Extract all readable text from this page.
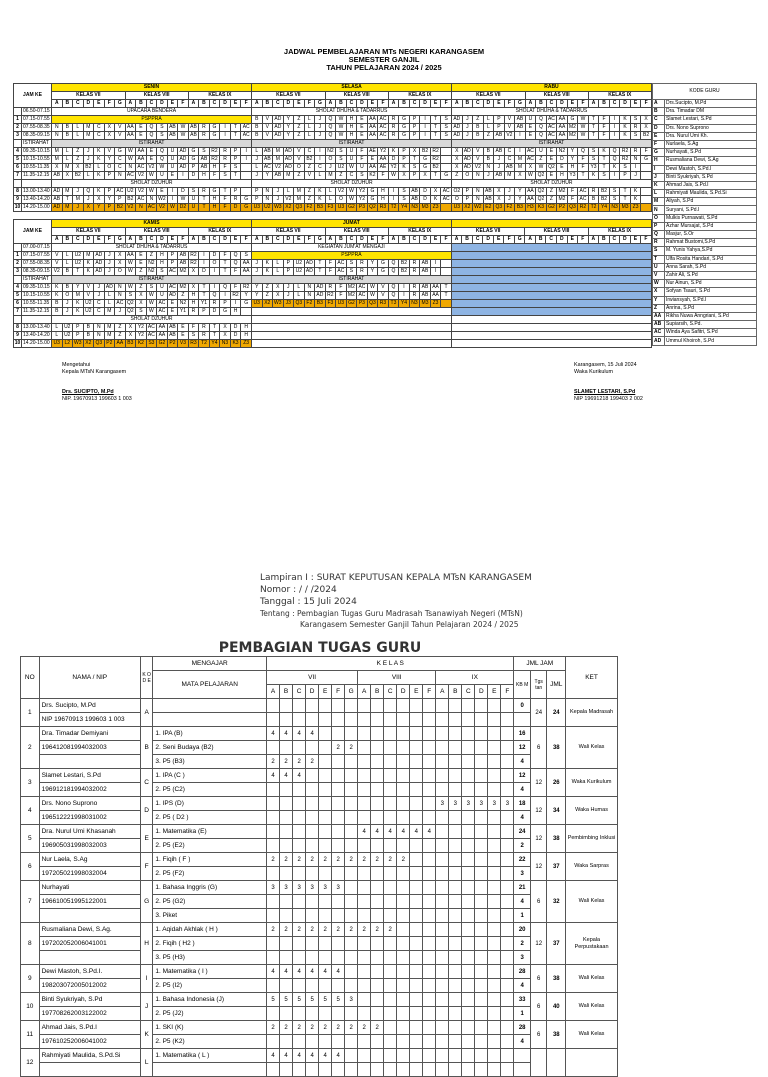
JADWAL PEMBELAJARAN MTs NEGERI KARANGASEM
SEMESTER GANJIL
TAHUN PELAJARAN 2024 / 2025
JAM KE		SENIN																			SELASA																			RABU																		
		KELAS VII							KELAS VIII						KELAS IX						KELAS VII							KELAS VIII						KELAS IX						KELAS VII							KELAS VIII						KELAS IX					
		A	B	C	D	E	F	G	A	B	C	D	E	F	A	B	C	D	E	F	A	B	C	D	E	F	G	A	B	C	D	E	F	A	B	C	D	E	F	A	B	C	D	E	F	G	A	B	C	D	E	F	A	B	C	D	E	F
	06.50-07.15	UPACARA BENDERA																			SHOLAT DHUHA & TADARRUS																			SHOLAT DHUHA & TADARRUS																		
1	07.15-07.55	PSPPRA																			B	V	AD	Y	Z	L	J	Q	W	H	E	AA	AC	R	G	P	I	T	S	AD	J	Z	L	P	V	AB	U	Q	AC	AA	G	W	T	F	I	K	S	X
2	07.55-08.35	N	B	L	M	C	X	V	AA	E	Q	S	AB	W	AB	R	G	I	T	AC	B	V	AD	Y	Z	L	J	Q	W	H	E	AA	AC	R	G	P	I	T	S	AD	J	B	L	P	V	AB	E	Q	AC	AA	M2	W	T	F	I	K	R	X
3	08.35-09.15	N	B	L	M	C	X	V	AA	E	Q	S	AB	W	AB	R	G	I	T	AC	B	V	AD	Y	Z	L	J	Q	W	H	E	AA	AC	R	G	P	I	T	S	AD	J	B	Z	AB	V2	I	E	Q	AC	AA	M2	W	T	F	I	K	S	B2
	ISTIRAHAT	ISTIRAHAT																			ISTIRAHAT																			ISTIRAHAT																		
4	09.35-10.15	M	L	Z	J	K	V	G	W	AA	E	Q	U	AD	G	S	R2	R	P	I	L	AB	M	AD	V	C	I	N2	S	U	F	AE	Y2	K	P	X	B2	R2		X	AD	V	B	AB	C	I	AC	U	E	N2	Y	Q	S	K	Q	R2	R	F
5	10.15-10.55	M	L	Z	J	K	Y	C	W	AA	E	Q	U	AD	G	AB	R2	R	P	I	J	AB	M	AD	V	B2	I	O	S	U	F	E	AA	D	P	T	G	R2		X	AD	V	B	J	C	M	AC	Z	E	D	Y	F	S	T	Q	R2	N	G
6	10.55-11.35	X	M	X	B2	L	O	C	N	AC	V2	W	U	AD	P	AB	H	F	S		L	AC	V2	AD	O	Z	C	J	U2	W	U	AA	AE	Y2	K	S	G	B2		X	AD	V2	N	J	AB	M	X	W	Q2	E	H	F	Y3	T	K	S	I	
7	11.35-12.15	AB	X	B2	L	K	P	N	AC	V2	W	U	E	I	D	H	F	S	T		J	Y	AB	M	Z	V	L	M	Z	C	S	K2	F	W	X	P	X	T	G	Z	O	N	J	AB	M	X	W	Q2	E	H	Y3	T	K	S	I	P	J	
		SHOLAT DZUHUR																			SHOLAT DZUHUR																			SHOLAT DZUHUR																		
8	13.00-13.40	AD	M	J	Q	K	P	AC	U2	V2	W	E	I	D	S	R	G	T	P		P	N	J	L	M	Z	K	L	V2	W	Y2	G	H	I	S	AB	D	X	AC	O2	P	N	AB	X	J	Y	AA	Q2	Z	M2	F	AC	R	B2	S	T	K	
9	13.40-14.20	AB	T	M	J	X	Y	P	B2	AC	N	W2	I	W	U	T	H	F	R	G	P	N	J	V2	M	Z	K	L	O	W	Y2	G	H	I	S	AB	D	K	AC	O	P	N	AB	X	J	Y	AA	Q2	Z	M2	F	AC	B	B2	S	T	K	
10	14.20-15.00	AD	M	J	X	Y	P	B2	V2	N	AC	V2	W	D2	U	T	H	F	D	G	U3	U2	W3	X2	Q3	F2	B3	F3	U3	G2	P3	Q2	R3	T2	Y4	N3	M3	Z3		U3	X2	W2	E2	Q3	F2	B3	H3	K3	G2	P2	Q3	R2	T2	Y4	N3	M3	Z3	
JAM KE		KAMIS																			JUMAT																																					
		KELAS VII							KELAS VIII						KELAS IX						KELAS VII							KELAS VIII						KELAS IX						KELAS VII							KELAS VIII						KELAS IX					
		A	B	C	D	E	F	G	A	B	C	D	E	F	A	B	C	D	E	F	A	B	C	D	E	F	G	A	B	C	D	E	F	A	B	C	D	E	F	A	B	C	D	E	F	G	A	B	C	D	E	F	A	B	C	D	E	F
	07.00-07.15	SHOLAT DHUHA & TADARRUS																			KEGIATAN JUM'AT MENGAJI																																					
1	07.15-07.55	V	L	U2	M	AD	J	X	AA	E	Z	H	P	AB	R2	I	D	F	Q	S	PSPPRA																																					
2	07.55-08.35	V	L	U2	K	AD	J	X	W	E	N2	H	P	AB	R2	I	O	T	Q	AA	J	K	L	P	U2	AD	T	F	AC	S	R	Y	G	Q	B2	R	AB	I																				
3	08.35-09.15	V2	B	T	K	AD	J	O	W	Z	N2	S	AC	M2	X	D	I	T	F	AA	J	K	L	P	U2	AD	T	F	AC	S	R	Y	G	Q	B2	R	AB	I																				
	ISTIRAHAT	ISTIRAHAT																			ISTIRAHAT																																					
4	09.35-10.15	K	B	Y	V	J	AD	N	W	Z	S	U	AC	M2	X	T	I	Q	F	R2	Y	Z	X	J	L	N	AD	R	F	M2	AC	W	V	Q	I	R	AB	AA	T																			
5	10.15-10.55	K	O	M	V	J	L	N	S	X	W	U	AD	Z	H	T	Q	I	R2	Y	Y	Z	X	J	L	N	AD	R2	F	M2	AC	W	V	Q	I	R	AB	AA	T																			
6	10.55-11.35	B	J	K	U2	C	L	AC	Q2	X	W	AC	E	N2	H	Y1	R	P	I	G	U3	X2	W3	J3	Q3	F2	B3	F3	U3	G2	P3	Q3	R3	T3	Y4	N3	M3	Z3																				
7	11.35-12.15	B	J	K	U2	C	M	J	Q2	S	W	AC	E	Y1	R	P	D	G	H																																							
		SHOLAT DZUHUR																																																								
8	13.00-13.40	L	U2	P	B	N	M	Z	X	Y2	AC	AA	AB	E	F	R	T	X	D	H																																						
9	13.40-14.20	L	U2	P	B	N	M	Z	X	Y2	AC	AA	AB	E	S	R	T	X	D	H																																						
10	14.20-15.00	U3	L2	W3	X2	Q3	P2	AA	B3	K2	S3	G2	P2	V3	R3	T2	Y4	N3	K3	Z3																																						
KODE GURU	
A	Drs.Sucipto, M.Pd
B	Dra. Timadar DM
C	Slamet Lestari, S.Pd
D	Drs. Nono Suprono
E	Dra. Nurul Umi Kh.
F	Nurlaela, S.Ag
G	Nurhayati, S.Pd
H	Rusmaliana Dewi, S.Ag
I	Dewi Mastoh, S.Pd.I
J	Binti Syukriyah, S.Pd
K	Ahmad Jais, S.Pd.I
L	Rahmiyati Maulida, S.Pd.Si
M	Aliyah, S.Pd
N	Suryani, S.Pd.I
O	Mulkis Purnawati, S.Pd
P	Azhar Mursajat, S.Pd
Q	Masjur, S.Or
R	Rahmat Bustomi,S.Pd
S	M. Yunis Yahya,S.Pd
T	Ulfa Rosita Handari, S.Pd
U	Anna Sarah, S.Pd
V	Zahir Ali, S.Pd
W	Nur Ainun, S.Pd
X	Sofyan Tsauri, S.Pd
Y	Irwiansyah, S.Pd.I
Z	Anrina, S.Pd
AA	Rikha Nuwa Anngriani, S.Pd
AB	Supiarsih, S.Pd.
AC	Winda Aya Safitri, S.Pd
AD	Ummul Khoiroh, S.Pd
Mengetahui
Kepala MTsN Karangasem
Drs. SUCIPTO, M.Pd
NIP. 19670913 199603 1 003
Karangasem, 15 Juli 2024
Waka Kurikulum
SLAMET LESTARI, S.Pd
NIP 19691218 199403 2 002
Lampiran I : SURAT KEPUTUSAN KEPALA MTsN KARANGASEM
Nomor : / / /2024
Tanggal : 15 Juli 2024
Tentang : Pembagian Tugas Guru Madrasah Tsanawiyah Negeri (MTsN)
Karangasem Semester Ganjil Tahun Pelajaran 2024 / 2025
PEMBAGIAN TUGAS GURU
NO	NAMA / NIP	K O D E	MENGAJAR	K E L A S																			JML JAM			KET
			MATA PELAJARAN	VII							VIII						IX						KB M	Tgs tan	JML	
				A	B	C	D	E	F	G	A	B	C	D	E	F	A	B	C	D	E	F				
1	Drs. Sucipto, M.Pd	A																					0	24	24	Kepala Madrasah
	NIP 19670913 199603 1 003																									
2	Dra. Timadar Demiyani	B	1. IPA (B)	4	4	4	4																16	6	38	Wali Kelas
	196412081994032003		2. Seni Budaya (B2)						2	2													12			
			3. P5 (B3)	2	2	2	2																4			
3	Slamet Lestari, S.Pd	C	1. IPA (C )	4	4	4																	12	12	26	Waka Kurikulum
	196912181994032002		2. P5 (C2)																				4			
4	Drs. Nono Suprono	D	1. IPS (D)														3	3	3	3	3	3	18	12	34	Waka Humas
	196512221998031002		2. P5 ( D2 )																				4			
5	Dra. Nurul Umi Khasanah	E	1. Matematika (E)								4	4	4	4	4	4							24	12	38	Pembimbing Inklusi
	196905031998032003		2. P5 (E2)																				2			
6	Nur Laela, S.Ag	F	1. Fiqih ( F )	2	2	2	2	2	2	2	2	2	2	2									22	12	37	Waka Sarpras
	197205021998032004		2. P5 (F2)																				3			
7	Nurhayati	G	1. Bahasa Inggris (G)	3	3	3	3	3	3														21	6	32	Wali Kelas
	196610051995122001		2. P5 (G2)																				4			
			3. Piket																				1			
8	Rusmaliana Dewi, S.Ag.	H	1. Aqidah Akhlak ( H )	2	2	2	2	2	2	2	2	2	2										20	12	37	Kepala Perpustakaan
	197202052006041001		2. Fiqih ( H2 )																				2			
			3. P5 (H3)																				3			
9	Dewi Mastoh, S.Pd.I.	I	1. Matematika ( I )	4	4	4	4	4	4														28	6	38	Wali Kelas
	198203072005012002		2. P5 (I2)																				4			
10	Binti Syukriyah, S.Pd	J	1. Bahasa Indonesia (J)	5	5	5	5	5	5	3													33	6	40	Wali Kelas
	197708262003122002		2. P5 (J2)																				1			
11	Ahmad Jais, S.Pd.I	K	1. SKI (K)	2	2	2	2	2	2	2	2	2											28	6	38	Wali Kelas
	197610252006041002		2. P5 (K2)																				4			
12	Rahmiyati Maulida, S.Pd.Si	L	1. Matematika ( L )	4	4	4	4	4	4																	
